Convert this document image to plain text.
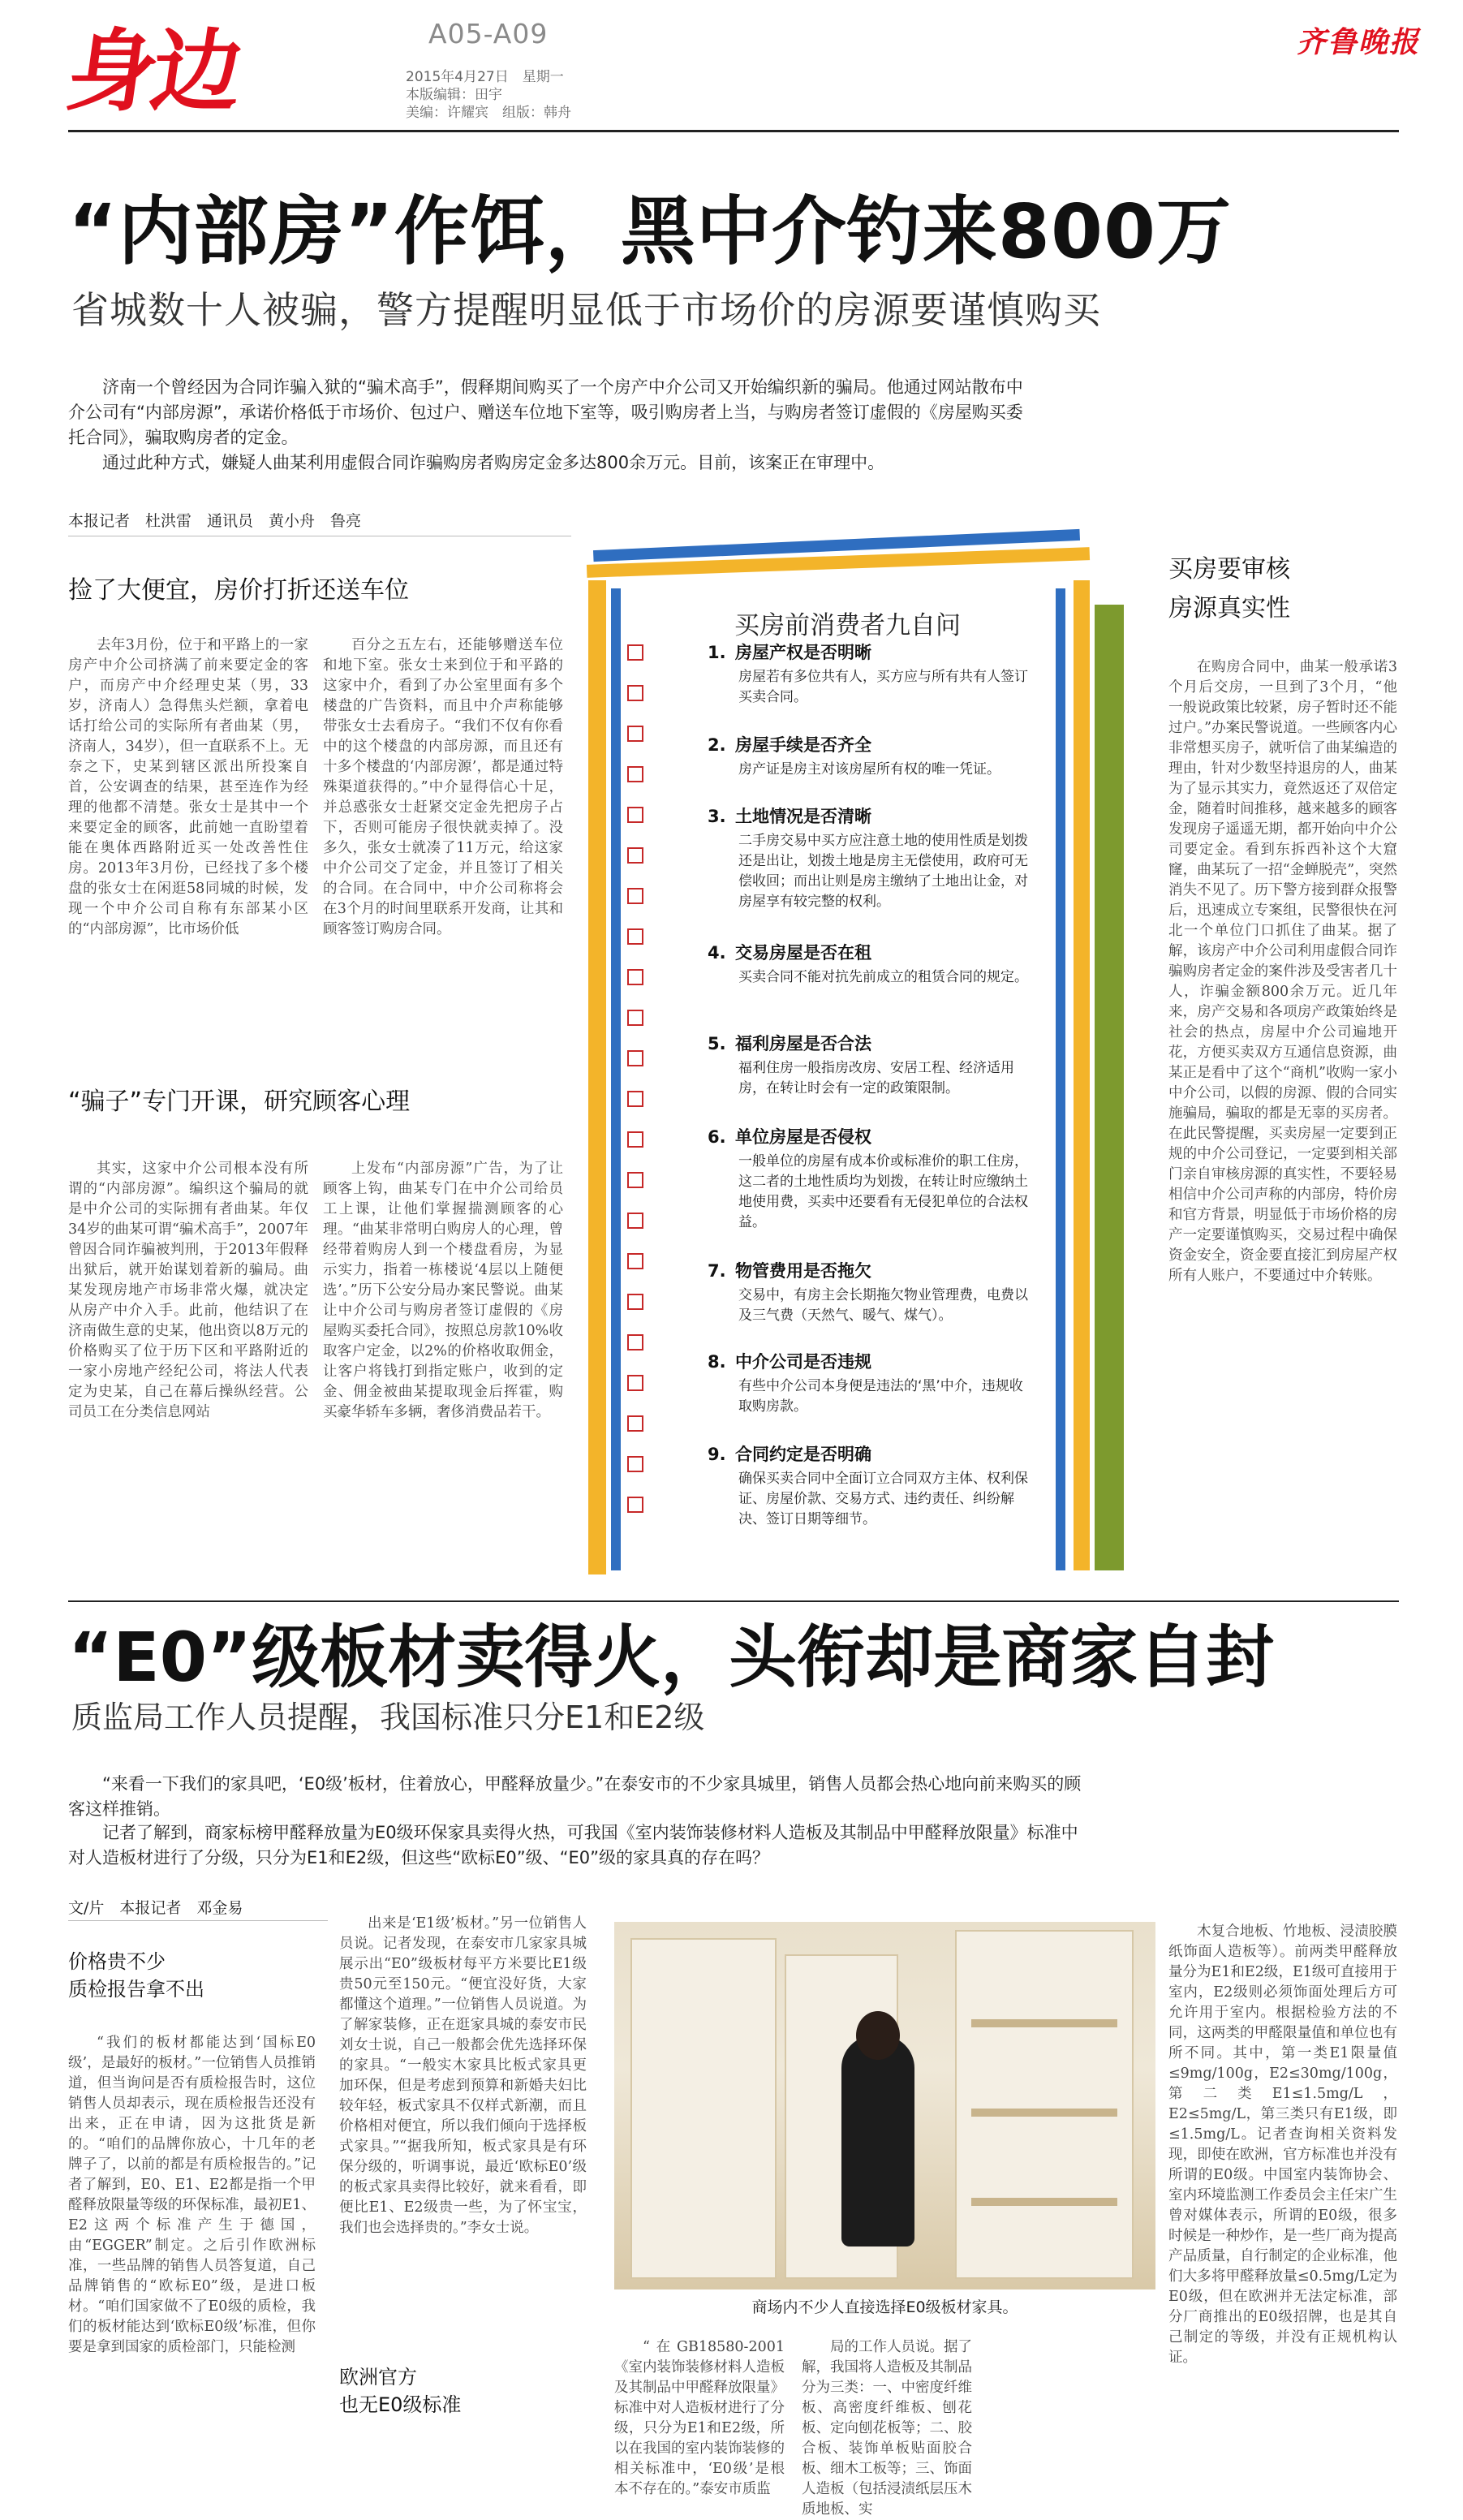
身边	A05-A09
2015年4月27日　星期一
本版编辑：田宇
美编：许耀宾　组版：韩舟
齐鲁晚报
“内部房”作饵，黑中介钓来800万
省城数十人被骗，警方提醒明显低于市场价的房源要谨慎购买
济南一个曾经因为合同诈骗入狱的“骗术高手”，假释期间购买了一个房产中介公司又开始编织新的骗局。他通过网站散布中介公司有“内部房源”，承诺价格低于市场价、包过户、赠送车位地下室等，吸引购房者上当，与购房者签订虚假的《房屋购买委托合同》，骗取购房者的定金。
通过此种方式，嫌疑人曲某利用虚假合同诈骗购房者购房定金多达800余万元。目前，该案正在审理中。
本报记者　杜洪雷　通讯员　黄小舟　鲁亮
捡了大便宜，房价打折还送车位
去年3月份，位于和平路上的一家房产中介公司挤满了前来要定金的客户，而房产中介经理史某（男，33岁，济南人）急得焦头烂额，拿着电话打给公司的实际所有者曲某（男，济南人，34岁），但一直联系不上。无奈之下，史某到辖区派出所投案自首，公安调查的结果，甚至连作为经理的他都不清楚。张女士是其中一个来要定金的顾客，此前她一直盼望着能在奥体西路附近买一处改善性住房。2013年3月份，已经找了多个楼盘的张女士在闲逛58同城的时候，发现一个中介公司自称有东部某小区的“内部房源”，比市场价低
百分之五左右，还能够赠送车位和地下室。张女士来到位于和平路的这家中介，看到了办公室里面有多个楼盘的广告资料，而且中介声称能够带张女士去看房子。“我们不仅有你看中的这个楼盘的内部房源，而且还有十多个楼盘的‘内部房源’，都是通过特殊渠道获得的。”中介显得信心十足，并总惑张女士赶紧交定金先把房子占下，否则可能房子很快就卖掉了。没多久，张女士就凑了11万元，给这家中介公司交了定金，并且签订了相关的合同。在合同中，中介公司称将会在3个月的时间里联系开发商，让其和顾客签订购房合同。
“骗子”专门开课，研究顾客心理
其实，这家中介公司根本没有所谓的“内部房源”。编织这个骗局的就是中介公司的实际拥有者曲某。年仅34岁的曲某可谓“骗术高手”，2007年曾因合同诈骗被判刑，于2013年假释出狱后，就开始谋划着新的骗局。曲某发现房地产市场非常火爆，就决定从房产中介入手。此前，他结识了在济南做生意的史某，他出资以8万元的价格购买了位于历下区和平路附近的一家小房地产经纪公司，将法人代表定为史某，自己在幕后操纵经营。公司员工在分类信息网站
上发布“内部房源”广告，为了让顾客上钩，曲某专门在中介公司给员工上课，让他们掌握揣测顾客的心理。“曲某非常明白购房人的心理，曾经带着购房人到一个楼盘看房，为显示实力，指着一栋楼说‘4层以上随便选’。”历下公安分局办案民警说。曲某让中介公司与购房者签订虚假的《房屋购买委托合同》，按照总房款10%收取客户定金，以2%的价格收取佣金，让客户将钱打到指定账户，收到的定金、佣金被曲某提取现金后挥霍，购买豪华轿车多辆，奢侈消费品若干。
买房前消费者九自问
1. 房屋产权是否明晰
房屋若有多位共有人，买方应与所有共有人签订买卖合同。
2. 房屋手续是否齐全
房产证是房主对该房屋所有权的唯一凭证。
3. 土地情况是否清晰
二手房交易中买方应注意土地的使用性质是划拨还是出让，划拨土地是房主无偿使用，政府可无偿收回；而出让则是房主缴纳了土地出让金，对房屋享有较完整的权利。
4. 交易房屋是否在租
买卖合同不能对抗先前成立的租赁合同的规定。
5. 福利房屋是否合法
福利住房一般指房改房、安居工程、经济适用房，在转让时会有一定的政策限制。
6. 单位房屋是否侵权
一般单位的房屋有成本价或标准价的职工住房，这二者的土地性质均为划拨，在转让时应缴纳土地使用费，买卖中还要看有无侵犯单位的合法权益。
7. 物管费用是否拖欠
交易中，有房主会长期拖欠物业管理费，电费以及三气费（天然气、暖气、煤气）。
8. 中介公司是否违规
有些中介公司本身便是违法的‘黑’中介，违规收取购房款。
9. 合同约定是否明确
确保买卖合同中全面订立合同双方主体、权利保证、房屋价款、交易方式、违约责任、纠纷解决、签订日期等细节。
买房要审核
房源真实性
在购房合同中，曲某一般承诺3个月后交房，一旦到了3个月，“他一般说政策比较紧，房子暂时还不能过户。”办案民警说道。一些顾客内心非常想买房子，就听信了曲某编造的理由，针对少数坚持退房的人，曲某为了显示其实力，竟然返还了双倍定金，随着时间推移，越来越多的顾客发现房子遥遥无期，都开始向中介公司要定金。看到东拆西补这个大窟窿，曲某玩了一招“金蝉脱壳”，突然消失不见了。历下警方接到群众报警后，迅速成立专案组，民警很快在河北一个单位门口抓住了曲某。据了解，该房产中介公司利用虚假合同诈骗购房者定金的案件涉及受害者几十人，诈骗金额800余万元。近几年来，房产交易和各项房产政策始终是社会的热点，房屋中介公司遍地开花，方便买卖双方互通信息资源，曲某正是看中了这个“商机”收购一家小中介公司，以假的房源、假的合同实施骗局，骗取的都是无辜的买房者。在此民警提醒，买卖房屋一定要到正规的中介公司登记，一定要到相关部门亲自审核房源的真实性，不要轻易相信中介公司声称的内部房，特价房和官方背景，明显低于市场价格的房产一定要谨慎购买，交易过程中确保资金安全，资金要直接汇到房屋产权所有人账户，不要通过中介转账。
“E0”级板材卖得火，头衔却是商家自封
质监局工作人员提醒，我国标准只分E1和E2级
“来看一下我们的家具吧，‘E0级’板材，住着放心，甲醛释放量少。”在泰安市的不少家具城里，销售人员都会热心地向前来购买的顾客这样推销。
记者了解到，商家标榜甲醛释放量为E0级环保家具卖得火热，可我国《室内装饰装修材料人造板及其制品中甲醛释放限量》标准中对人造板材进行了分级，只分为E1和E2级，但这些“欧标E0”级、“E0”级的家具真的存在吗？
文/片　本报记者　邓金易
价格贵不少
质检报告拿不出
“我们的板材都能达到‘国标E0级’，是最好的板材。”一位销售人员推销道，但当询问是否有质检报告时，这位销售人员却表示，现在质检报告还没有出来，正在申请，因为这批货是新的。“咱们的品牌你放心，十几年的老牌子了，以前的都是有质检报告的。”记者了解到，E0、E1、E2都是指一个甲醛释放限量等级的环保标准，最初E1、E2这两个标准产生于德国，由“EGGER”制定。之后引作欧洲标准，一些品牌的销售人员答复道，自己品牌销售的“欧标E0”级，是进口板材。“咱们国家做不了E0级的质检，我们的板材能达到‘欧标E0级’标准，但你要是拿到国家的质检部门，只能检测
出来是‘E1级’板材。”另一位销售人员说。记者发现，在泰安市几家家具城展示出“E0”级板材每平方米要比E1级贵50元至150元。“便宜没好货，大家都懂这个道理。”一位销售人员说道。为了解家装修，正在逛家具城的泰安市民刘女士说，自己一般都会优先选择环保的家具。“一般实木家具比板式家具更加环保，但是考虑到预算和新婚夫妇比较年轻，板式家具不仅样式新潮，而且价格相对便宜，所以我们倾向于选择板式家具。”“据我所知，板式家具是有环保分级的，听调事说，最近‘欧标E0’级的板式家具卖得比较好，就来看看，即便比E1、E2级贵一些，为了怀宝宝，我们也会选择贵的。”李女士说。
欧洲官方
也无E0级标准
商场内不少人直接选择E0级板材家具。
“在GB18580-2001《室内装饰装修材料人造板及其制品中甲醛释放限量》标准中对人造板材进行了分级，只分为E1和E2级，所以在我国的室内装饰装修的相关标准中，‘E0级’是根本不存在的。”泰安市质监
局的工作人员说。据了解，我国将人造板及其制品分为三类：一、中密度纤维板、高密度纤维板、刨花板、定向刨花板等；二、胶合板、装饰单板贴面胶合板、细木工板等；三、饰面人造板（包括浸渍纸层压木质地板、实
木复合地板、竹地板、浸渍胶膜纸饰面人造板等）。前两类甲醛释放量分为E1和E2级，E1级可直接用于室内，E2级则必须饰面处理后方可允许用于室内。根据检验方法的不同，这两类的甲醛限量值和单位也有所不同。其中，第一类E1限量值≤9mg/100g，E2≤30mg/100g，第二类E1≤1.5mg/L，E2≤5mg/L，第三类只有E1级，即≤1.5mg/L。记者查询相关资料发现，即使在欧洲，官方标准也并没有所谓的E0级。中国室内装饰协会、室内环境监测工作委员会主任宋广生曾对媒体表示，所谓的E0级，很多时候是一种炒作，是一些厂商为提高产品质量，自行制定的企业标准，他们大多将甲醛释放量≤0.5mg/L定为E0级，但在欧洲并无法定标准，部分厂商推出的E0级招牌，也是其自己制定的等级，并没有正规机构认证。
